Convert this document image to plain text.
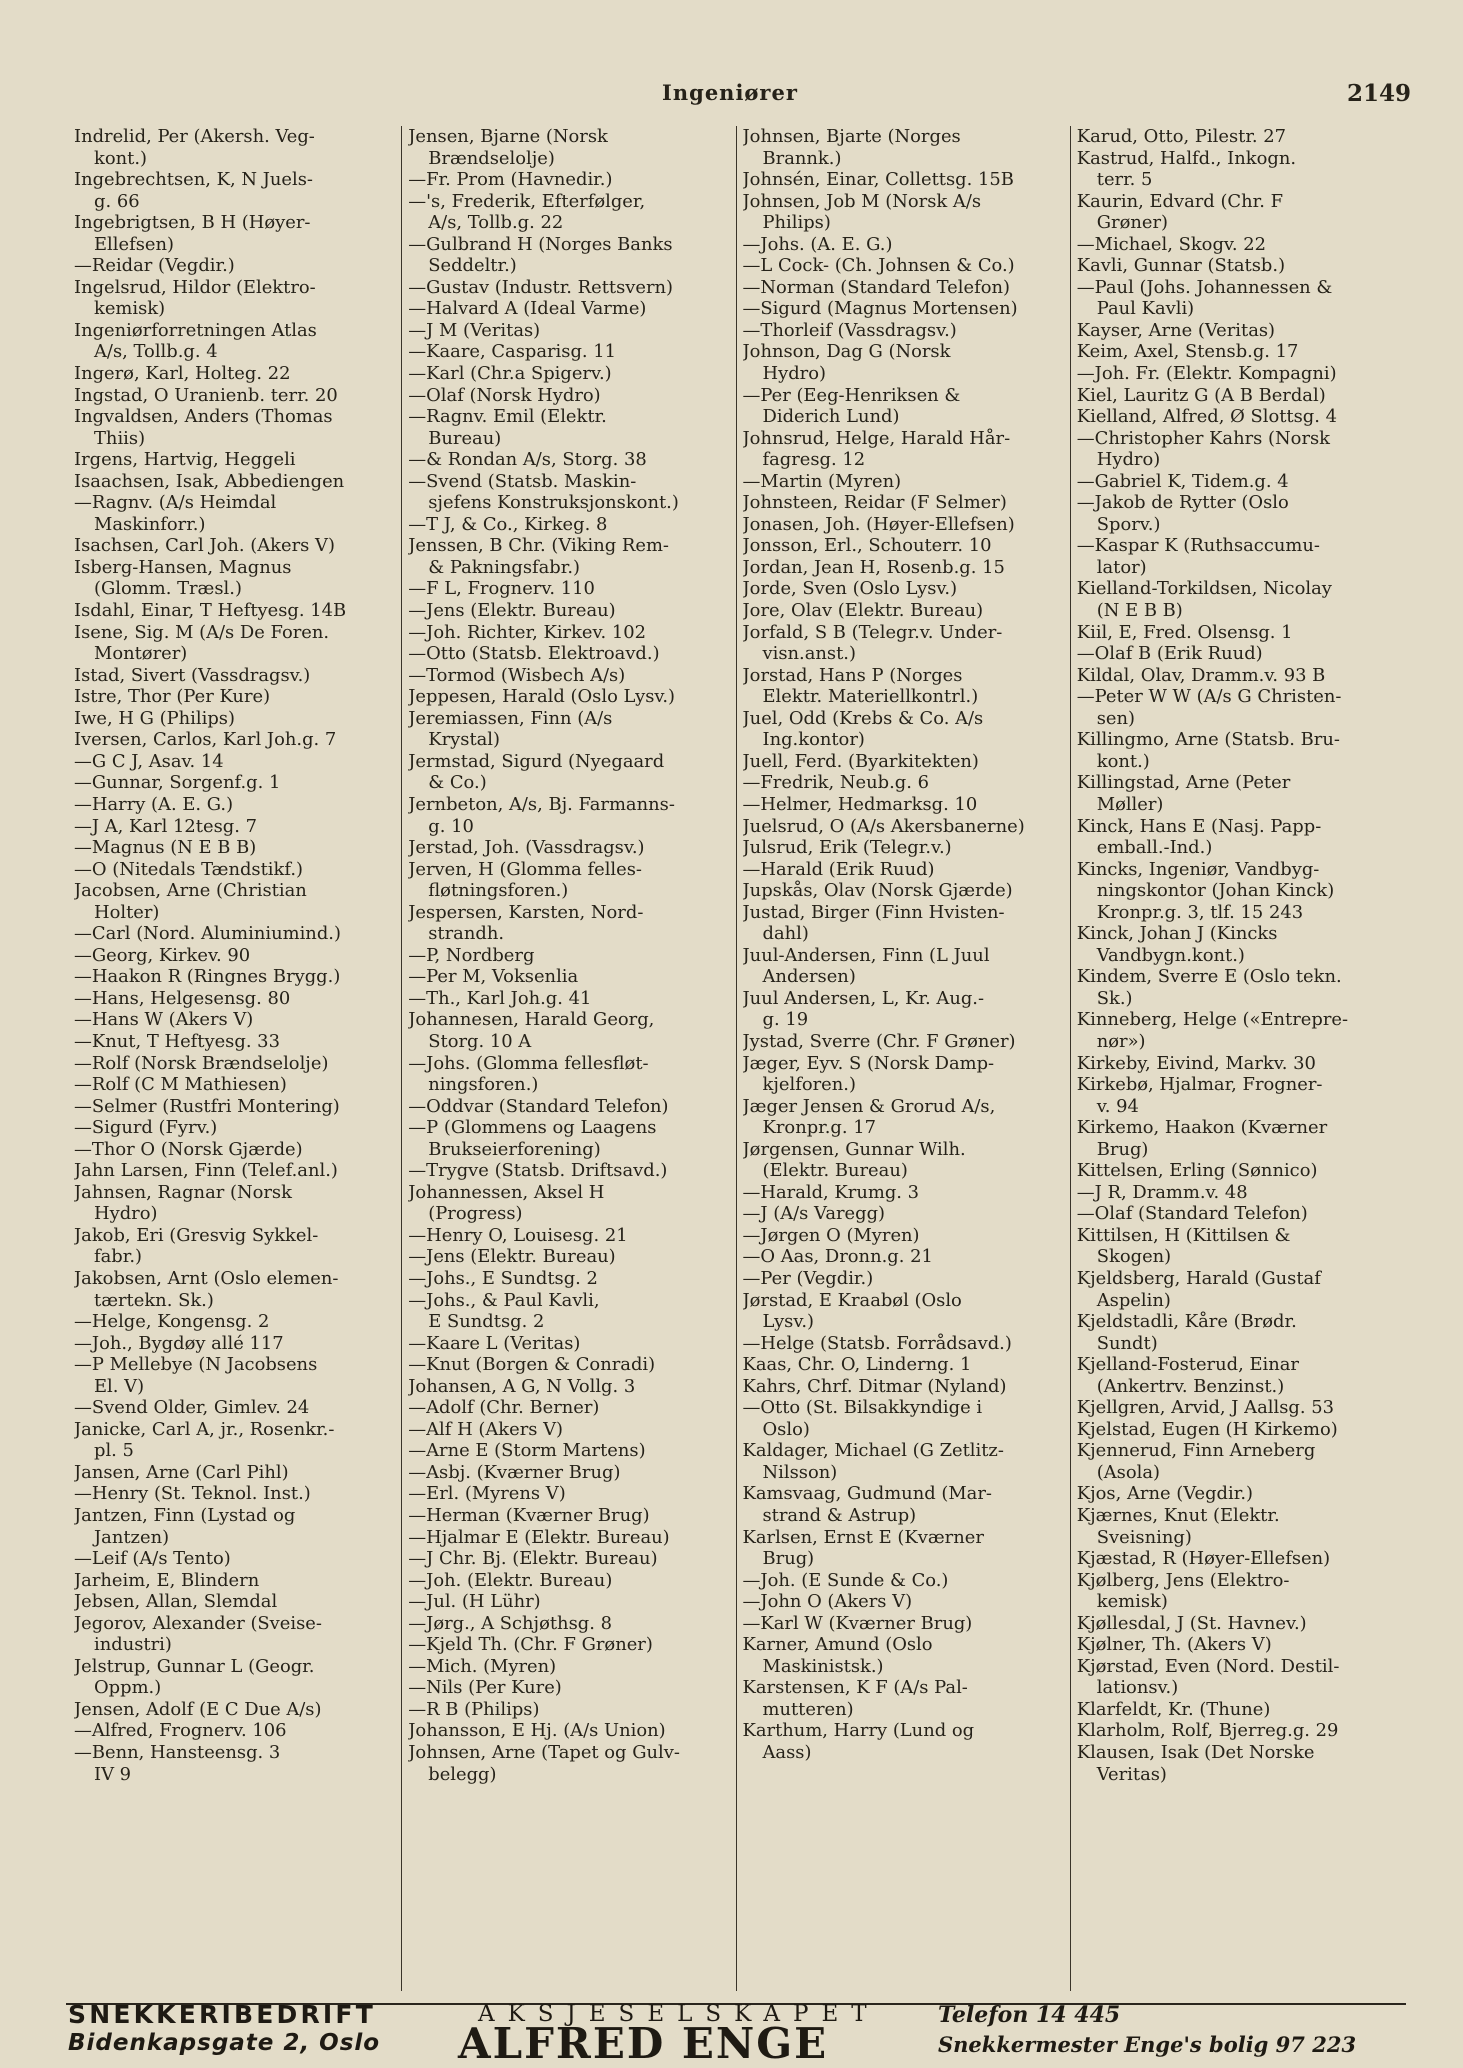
Ingeniører	2149
Indrelid, Per (Akersh. Veg-
kont.)
Ingebrechtsen, K, N Juels-
g. 66
Ingebrigtsen, B H (Høyer-
Ellefsen)
—Reidar (Vegdir.)
Ingelsrud, Hildor (Elektro-
kemisk)
Ingeniørforretningen Atlas
A/s, Tollb.g. 4
Ingerø, Karl, Holteg. 22
Ingstad, O Uranienb. terr. 20
Ingvaldsen, Anders (Thomas
Thiis)
Irgens, Hartvig, Heggeli
Isaachsen, Isak, Abbediengen
—Ragnv. (A/s Heimdal
Maskinforr.)
Isachsen, Carl Joh. (Akers V)
Isberg-Hansen, Magnus
(Glomm. Træsl.)
Isdahl, Einar, T Heftyesg. 14B
Isene, Sig. M (A/s De Foren.
Montører)
Istad, Sivert (Vassdragsv.)
Istre, Thor (Per Kure)
Iwe, H G (Philips)
Iversen, Carlos, Karl Joh.g. 7
—G C J, Asav. 14
—Gunnar, Sorgenf.g. 1
—Harry (A. E. G.)
—J A, Karl 12tesg. 7
—Magnus (N E B B)
—O (Nitedals Tændstikf.)
Jacobsen, Arne (Christian
Holter)
—Carl (Nord. Aluminiumind.)
—Georg, Kirkev. 90
—Haakon R (Ringnes Brygg.)
—Hans, Helgesensg. 80
—Hans W (Akers V)
—Knut, T Heftyesg. 33
—Rolf (Norsk Brændselolje)
—Rolf (C M Mathiesen)
—Selmer (Rustfri Montering)
—Sigurd (Fyrv.)
—Thor O (Norsk Gjærde)
Jahn Larsen, Finn (Telef.anl.)
Jahnsen, Ragnar (Norsk
Hydro)
Jakob, Eri (Gresvig Sykkel-
fabr.)
Jakobsen, Arnt (Oslo elemen-
tærtekn. Sk.)
—Helge, Kongensg. 2
—Joh., Bygdøy allé 117
—P Mellebye (N Jacobsens
El. V)
—Svend Older, Gimlev. 24
Janicke, Carl A, jr., Rosenkr.-
pl. 5
Jansen, Arne (Carl Pihl)
—Henry (St. Teknol. Inst.)
Jantzen, Finn (Lystad og
Jantzen)
—Leif (A/s Tento)
Jarheim, E, Blindern
Jebsen, Allan, Slemdal
Jegorov, Alexander (Sveise-
industri)
Jelstrup, Gunnar L (Geogr.
Oppm.)
Jensen, Adolf (E C Due A/s)
—Alfred, Frognerv. 106
—Benn, Hansteensg. 3
IV 9
Jensen, Bjarne (Norsk
Brændselolje)
—Fr. Prom (Havnedir.)
—'s, Frederik, Efterfølger,
A/s, Tollb.g. 22
—Gulbrand H (Norges Banks
Seddeltr.)
—Gustav (Industr. Rettsvern)
—Halvard A (Ideal Varme)
—J M (Veritas)
—Kaare, Casparisg. 11
—Karl (Chr.a Spigerv.)
—Olaf (Norsk Hydro)
—Ragnv. Emil (Elektr.
Bureau)
—& Rondan A/s, Storg. 38
—Svend (Statsb. Maskin-
sjefens Konstruksjonskont.)
—T J, & Co., Kirkeg. 8
Jenssen, B Chr. (Viking Rem-
& Pakningsfabr.)
—F L, Frognerv. 110
—Jens (Elektr. Bureau)
—Joh. Richter, Kirkev. 102
—Otto (Statsb. Elektroavd.)
—Tormod (Wisbech A/s)
Jeppesen, Harald (Oslo Lysv.)
Jeremiassen, Finn (A/s
Krystal)
Jermstad, Sigurd (Nyegaard
& Co.)
Jernbeton, A/s, Bj. Farmanns-
g. 10
Jerstad, Joh. (Vassdragsv.)
Jerven, H (Glomma felles-
fløtningsforen.)
Jespersen, Karsten, Nord-
strandh.
—P, Nordberg
—Per M, Voksenlia
—Th., Karl Joh.g. 41
Johannesen, Harald Georg,
Storg. 10 A
—Johs. (Glomma fellesfløt-
ningsforen.)
—Oddvar (Standard Telefon)
—P (Glommens og Laagens
Brukseierforening)
—Trygve (Statsb. Driftsavd.)
Johannessen, Aksel H
(Progress)
—Henry O, Louisesg. 21
—Jens (Elektr. Bureau)
—Johs., E Sundtsg. 2
—Johs., & Paul Kavli,
E Sundtsg. 2
—Kaare L (Veritas)
—Knut (Borgen & Conradi)
Johansen, A G, N Vollg. 3
—Adolf (Chr. Berner)
—Alf H (Akers V)
—Arne E (Storm Martens)
—Asbj. (Kværner Brug)
—Erl. (Myrens V)
—Herman (Kværner Brug)
—Hjalmar E (Elektr. Bureau)
—J Chr. Bj. (Elektr. Bureau)
—Joh. (Elektr. Bureau)
—Jul. (H Lühr)
—Jørg., A Schjøthsg. 8
—Kjeld Th. (Chr. F Grøner)
—Mich. (Myren)
—Nils (Per Kure)
—R B (Philips)
Johansson, E Hj. (A/s Union)
Johnsen, Arne (Tapet og Gulv-
belegg)
Johnsen, Bjarte (Norges
Brannk.)
Johnsén, Einar, Collettsg. 15B
Johnsen, Job M (Norsk A/s
Philips)
—Johs. (A. E. G.)
—L Cock- (Ch. Johnsen & Co.)
—Norman (Standard Telefon)
—Sigurd (Magnus Mortensen)
—Thorleif (Vassdragsv.)
Johnson, Dag G (Norsk
Hydro)
—Per (Eeg-Henriksen &
Diderich Lund)
Johnsrud, Helge, Harald Hår-
fagresg. 12
—Martin (Myren)
Johnsteen, Reidar (F Selmer)
Jonasen, Joh. (Høyer-Ellefsen)
Jonsson, Erl., Schouterr. 10
Jordan, Jean H, Rosenb.g. 15
Jorde, Sven (Oslo Lysv.)
Jore, Olav (Elektr. Bureau)
Jorfald, S B (Telegr.v. Under-
visn.anst.)
Jorstad, Hans P (Norges
Elektr. Materiellkontrl.)
Juel, Odd (Krebs & Co. A/s
Ing.kontor)
Juell, Ferd. (Byarkitekten)
—Fredrik, Neub.g. 6
—Helmer, Hedmarksg. 10
Juelsrud, O (A/s Akersbanerne)
Julsrud, Erik (Telegr.v.)
—Harald (Erik Ruud)
Jupskås, Olav (Norsk Gjærde)
Justad, Birger (Finn Hvisten-
dahl)
Juul-Andersen, Finn (L Juul
Andersen)
Juul Andersen, L, Kr. Aug.-
g. 19
Jystad, Sverre (Chr. F Grøner)
Jæger, Eyv. S (Norsk Damp-
kjelforen.)
Jæger Jensen & Grorud A/s,
Kronpr.g. 17
Jørgensen, Gunnar Wilh.
(Elektr. Bureau)
—Harald, Krumg. 3
—J (A/s Varegg)
—Jørgen O (Myren)
—O Aas, Dronn.g. 21
—Per (Vegdir.)
Jørstad, E Kraabøl (Oslo
Lysv.)
—Helge (Statsb. Forrådsavd.)
Kaas, Chr. O, Linderng. 1
Kahrs, Chrf. Ditmar (Nyland)
—Otto (St. Bilsakkyndige i
Oslo)
Kaldager, Michael (G Zetlitz-
Nilsson)
Kamsvaag, Gudmund (Mar-
strand & Astrup)
Karlsen, Ernst E (Kværner
Brug)
—Joh. (E Sunde & Co.)
—John O (Akers V)
—Karl W (Kværner Brug)
Karner, Amund (Oslo
Maskinistsk.)
Karstensen, K F (A/s Pal-
mutteren)
Karthum, Harry (Lund og
Aass)
Karud, Otto, Pilestr. 27
Kastrud, Halfd., Inkogn.
terr. 5
Kaurin, Edvard (Chr. F
Grøner)
—Michael, Skogv. 22
Kavli, Gunnar (Statsb.)
—Paul (Johs. Johannessen &
Paul Kavli)
Kayser, Arne (Veritas)
Keim, Axel, Stensb.g. 17
—Joh. Fr. (Elektr. Kompagni)
Kiel, Lauritz G (A B Berdal)
Kielland, Alfred, Ø Slottsg. 4
—Christopher Kahrs (Norsk
Hydro)
—Gabriel K, Tidem.g. 4
—Jakob de Rytter (Oslo
Sporv.)
—Kaspar K (Ruthsaccumu-
lator)
Kielland-Torkildsen, Nicolay
(N E B B)
Kiil, E, Fred. Olsensg. 1
—Olaf B (Erik Ruud)
Kildal, Olav, Dramm.v. 93 B
—Peter W W (A/s G Christen-
sen)
Killingmo, Arne (Statsb. Bru-
kont.)
Killingstad, Arne (Peter
Møller)
Kinck, Hans E (Nasj. Papp-
emball.-Ind.)
Kincks, Ingeniør, Vandbyg-
ningskontor (Johan Kinck)
Kronpr.g. 3, tlf. 15 243
Kinck, Johan J (Kincks
Vandbygn.kont.)
Kindem, Sverre E (Oslo tekn.
Sk.)
Kinneberg, Helge («Entrepre-
nør»)
Kirkeby, Eivind, Markv. 30
Kirkebø, Hjalmar, Frogner-
v. 94
Kirkemo, Haakon (Kværner
Brug)
Kittelsen, Erling (Sønnico)
—J R, Dramm.v. 48
—Olaf (Standard Telefon)
Kittilsen, H (Kittilsen &
Skogen)
Kjeldsberg, Harald (Gustaf
Aspelin)
Kjeldstadli, Kåre (Brødr.
Sundt)
Kjelland-Fosterud, Einar
(Ankertrv. Benzinst.)
Kjellgren, Arvid, J Aallsg. 53
Kjelstad, Eugen (H Kirkemo)
Kjennerud, Finn Arneberg
(Asola)
Kjos, Arne (Vegdir.)
Kjærnes, Knut (Elektr.
Sveisning)
Kjæstad, R (Høyer-Ellefsen)
Kjølberg, Jens (Elektro-
kemisk)
Kjøllesdal, J (St. Havnev.)
Kjølner, Th. (Akers V)
Kjørstad, Even (Nord. Destil-
lationsv.)
Klarfeldt, Kr. (Thune)
Klarholm, Rolf, Bjerreg.g. 29
Klausen, Isak (Det Norske
Veritas)
SNEKKERIBEDRIFT
Bidenkapsgate 2, Oslo
AKSJESELSKAPET
ALFRED ENGE
Telefon 14 445
Snekkermester Enge's bolig 97 223
